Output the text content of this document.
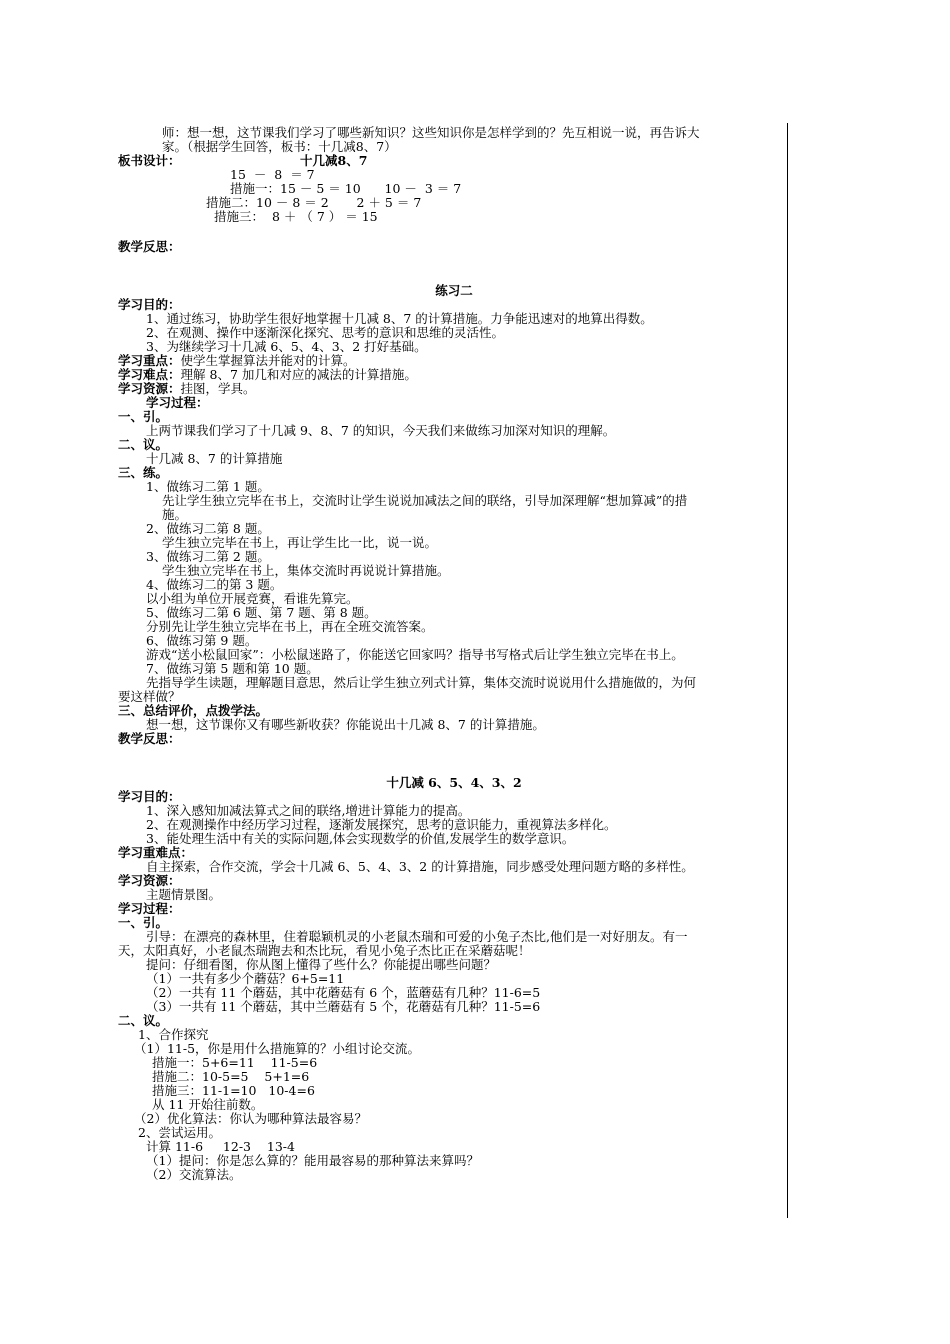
师：想一想，这节课我们学习了哪些新知识？这些知识你是怎样学到的？先互相说一说，再告诉大
家。（根据学生回答，板书：十几减8、7）
板书设计：	十几减8、7
15  －  8  ＝ 7
措施一：15 － 5 ＝ 10      10 －  3 ＝ 7
措施二：10 － 8 ＝ 2       2 ＋ 5 ＝ 7
措施三：  8 ＋ （ 7 ） ＝ 15
教学反思：
练习二
学习目的：
1、通过练习，协助学生很好地掌握十几减 8、7 的计算措施。力争能迅速对的地算出得数。
2、在观测、操作中逐渐深化探究、思考的意识和思维的灵活性。
3、为继续学习十几减 6、5、4、3、2 打好基础。
学习重点：使学生掌握算法并能对的计算。
学习难点：理解 8、7 加几和对应的减法的计算措施。
学习资源：挂图，学具。
学习过程：
一、引。
上两节课我们学习了十几减 9、8、7 的知识，今天我们来做练习加深对知识的理解。
二、议。
十几减 8、7 的计算措施
三、练。
1、做练习二第 1 题。
先让学生独立完毕在书上，交流时让学生说说加减法之间的联络，引导加深理解“想加算减”的措
施。
2、做练习二第 8 题。
学生独立完毕在书上，再让学生比一比，说一说。
3、做练习二第 2 题。
学生独立完毕在书上，集体交流时再说说计算措施。
4、做练习二的第 3 题。
以小组为单位开展竞赛，看谁先算完。
5、做练习二第 6 题、第 7 题、第 8 题。
分别先让学生独立完毕在书上，再在全班交流答案。
6、做练习第 9 题。
游戏“送小松鼠回家”：小松鼠迷路了，你能送它回家吗？指导书写格式后让学生独立完毕在书上。
7、做练习第 5 题和第 10 题。
先指导学生读题，理解题目意思，然后让学生独立列式计算，集体交流时说说用什么措施做的，为何
要这样做？
三、总结评价，点拨学法。
想一想，这节课你又有哪些新收获？你能说出十几减 8、7 的计算措施。
教学反思：
十几减 6、5、4、3、2
学习目的：
1、深入感知加减法算式之间的联络,增进计算能力的提高。
2、在观测操作中经历学习过程，逐渐发展探究，思考的意识能力，重视算法多样化。
3、能处理生活中有关的实际问题,体会实现数学的价值,发展学生的数学意识。
学习重难点：
自主探索，合作交流，学会十几减 6、5、4、3、2 的计算措施，同步感受处理问题方略的多样性。
学习资源：
主题情景图。
学习过程：
一、引。
引导：在漂亮的森林里，住着聪颖机灵的小老鼠杰瑞和可爱的小兔子杰比,他们是一对好朋友。有一
天，太阳真好，小老鼠杰瑞跑去和杰比玩，看见小兔子杰比正在采蘑菇呢！
提问：仔细看图，你从图上懂得了些什么？你能提出哪些问题？
（1）一共有多少个蘑菇？6+5=11
（2）一共有 11 个蘑菇，其中花蘑菇有 6 个，蓝蘑菇有几种？11-6=5
（3）一共有 11 个蘑菇，其中兰蘑菇有 5 个，花蘑菇有几种？11-5=6
二、议。
1、合作探究
（1）11-5，你是用什么措施算的？小组讨论交流。
措施一：5+6=11    11-5=6
措施二：10-5=5    5+1=6
措施三：11-1=10   10-4=6
从 11 开始往前数。
（2）优化算法：你认为哪种算法最容易？
2、尝试运用。
计算 11-6     12-3    13-4
（1）提问：你是怎么算的？能用最容易的那种算法来算吗？
（2）交流算法。
